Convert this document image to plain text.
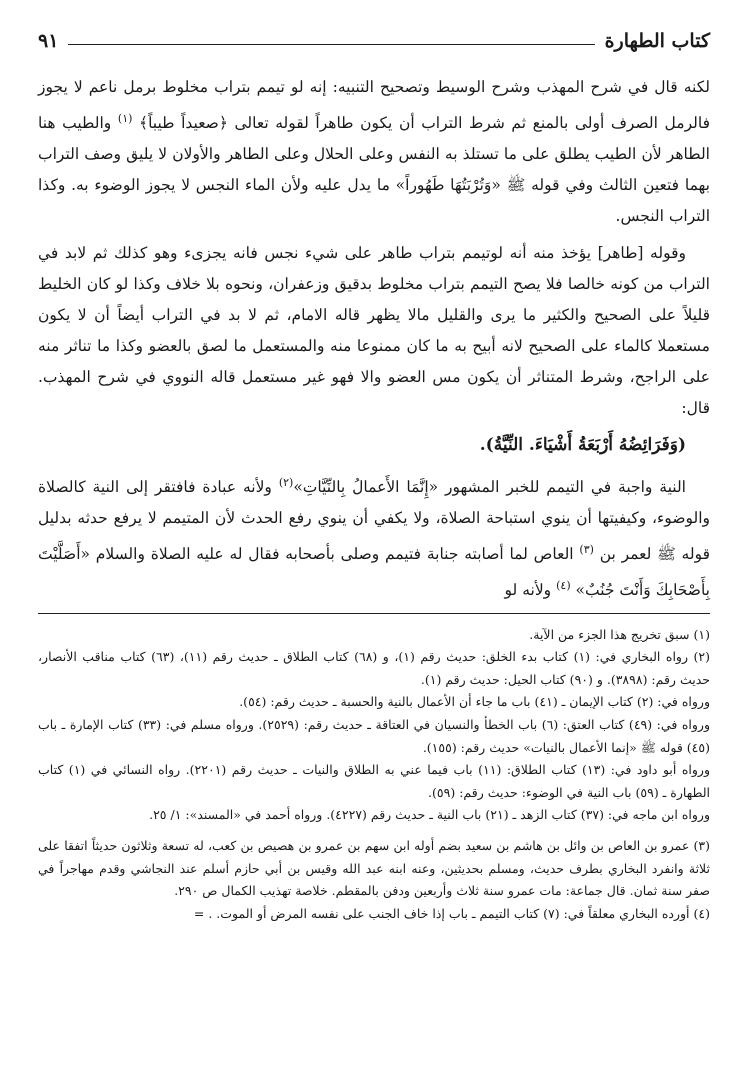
كتاب الطهارة
٩١

لكنه قال في شرح المهذب وشرح الوسيط وتصحيح التنبيه: إنه لو تيمم بتراب مخلوط برمل ناعم لا يجوز فالرمل الصرف أولى بالمنع ثم شرط التراب أن يكون طاهراً لقوله تعالى ﴿صعيداً طيباً﴾ $^{(١)}$ والطيب هنا الطاهر لأن الطيب يطلق على ما تستلذ به النفس وعلى الحلال وعلى الطاهر والأولان لا يليق وصف التراب بهما فتعين الثالث وفي قوله ﷺ «وَتُرْبَتُهَا طَهُوراً» ما يدل عليه ولأن الماء النجس لا يجوز الوضوء به. وكذا التراب النجس.

وقوله [طاهر] يؤخذ منه أنه لوتيمم بتراب طاهر على شيء نجس فانه يجزىء وهو كذلك ثم لابد في التراب من كونه خالصا فلا يصح التيمم بتراب مخلوط بدقيق وزعفران، ونحوه بلا خلاف وكذا لو كان الخليط قليلاً على الصحيح والكثير ما يرى والقليل مالا يظهر قاله الامام، ثم لا بد في التراب أيضاً أن لا يكون مستعملا كالماء على الصحيح لانه أبيح به ما كان ممنوعا منه والمستعمل ما لصق بالعضو وكذا ما تناثر منه على الراجح، وشرط المتناثر أن يكون مس العضو والا فهو غير مستعمل قاله النووي في شرح المهذب. قال:

(وَفَرَائِضُهُ أَرْبَعَةُ أَشْيَاءَ. النِّيَّةُ).

النية واجبة في التيمم للخبر المشهور «إِنَّمَا الأَعمالُ بِالنِّيَّاتِ»$^{(٢)}$ ولأنه عبادة فافتقر إلى النية كالصلاة والوضوء، وكيفيتها أن ينوي استباحة الصلاة، ولا يكفي أن ينوي رفع الحدث لأن المتيمم لا يرفع حدثه بدليل قوله ﷺ لعمر بن $^{(٣)}$ العاص لما أصابته جنابة فتيمم وصلى بأصحابه فقال له عليه الصلاة والسلام «أَصَلَّيْتَ بِأَصْحَابِكَ وَأَنْتَ جُنُبٌ» $^{(٤)}$ ولأنه لو

(١) سبق تخريج هذا الجزء من الآية.

(٢) رواه البخاري في: (١) كتاب بدء الخلق: حديث رقم (١)، و (٦٨) كتاب الطلاق ـ حديث رقم (١١)، (٦٣) كتاب مناقب الأنصار، حديث رقم: (٣٨٩٨). و (٩٠) كتاب الحيل: حديث رقم (١).

ورواه في: (٢) كتاب الإيمان ـ (٤١) باب ما جاء أن الأعمال بالنية والحسبة ـ حديث رقم: (٥٤).

ورواه في: (٤٩) كتاب العتق: (٦) باب الخطأ والنسيان في العتاقة ـ حديث رقم: (٢٥٢٩). ورواه مسلم في: (٣٣) كتاب الإمارة ـ باب (٤٥) قوله ﷺ «إنما الأعمال بالنيات» حديث رقم: (١٥٥).

ورواه أبو داود في: (١٣) كتاب الطلاق: (١١) باب فيما عني به الطلاق والنيات ـ حديث رقم (٢٢٠١). رواه النسائي في (١) كتاب الطهارة ـ (٥٩) باب النية في الوضوء: حديث رقم: (٥٩).

ورواه ابن ماجه في: (٣٧) كتاب الزهد ـ (٢١) باب النية ـ حديث رقم (٤٢٢٧). ورواه أحمد في «المسند»: ١/ ٢٥.

(٣) عمرو بن العاص بن وائل بن هاشم بن سعيد بضم أوله ابن سهم بن عمرو بن هصيص بن كعب، له تسعة وثلاثون حديثاً اتفقا على ثلاثة وانفرد البخاري بطرف حديث، ومسلم بحديثين، وعنه ابنه عبد الله وقيس بن أبي حازم أسلم عند النجاشي وقدم مهاجراً في صفر سنة ثمان. قال جماعة: مات عمرو سنة ثلاث وأربعين ودفن بالمقطم. خلاصة تهذيب الكمال ص ٢٩٠.

(٤) أورده البخاري معلقاً في: (٧) كتاب التيمم ـ باب إذا خاف الجنب على نفسه المرض أو الموت. . =
